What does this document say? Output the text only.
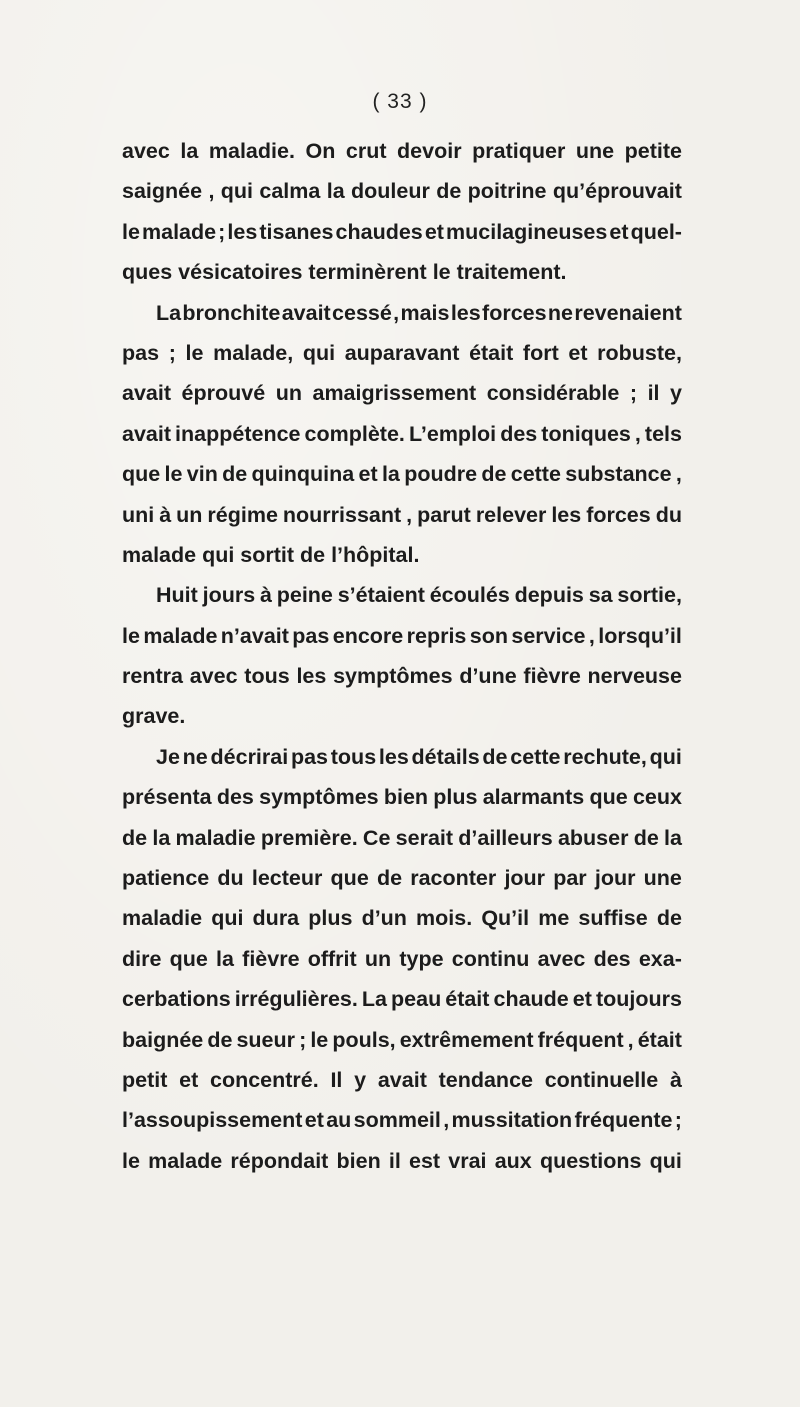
( 33 )
avec la maladie. On crut devoir pratiquer une petite
saignée , qui calma la douleur de poitrine qu’éprouvait
le malade ; les tisanes chaudes et mucilagineuses et quel-
ques vésicatoires terminèrent le traitement.
La bronchite avait cessé , mais les forces ne revenaient
pas ; le malade, qui auparavant était fort et robuste,
avait éprouvé un amaigrissement considérable ; il y
avait inappétence complète. L’emploi des toniques , tels
que le vin de quinquina et la poudre de cette substance ,
uni à un régime nourrissant , parut relever les forces du
malade qui sortit de l’hôpital.
Huit jours à peine s’étaient écoulés depuis sa sortie,
le malade n’avait pas encore repris son service , lorsqu’il
rentra avec tous les symptômes d’une fièvre nerveuse
grave.
Je ne décrirai pas tous les détails de cette rechute, qui
présenta des symptômes bien plus alarmants que ceux
de la maladie première. Ce serait d’ailleurs abuser de la
patience du lecteur que de raconter jour par jour une
maladie qui dura plus d’un mois. Qu’il me suffise de
dire que la fièvre offrit un type continu avec des exa-
cerbations irrégulières. La peau était chaude et toujours
baignée de sueur ; le pouls, extrêmement fréquent , était
petit et concentré. Il y avait tendance continuelle à
l’assoupissement et au sommeil , mussitation fréquente ;
le malade répondait bien il est vrai aux questions qui
